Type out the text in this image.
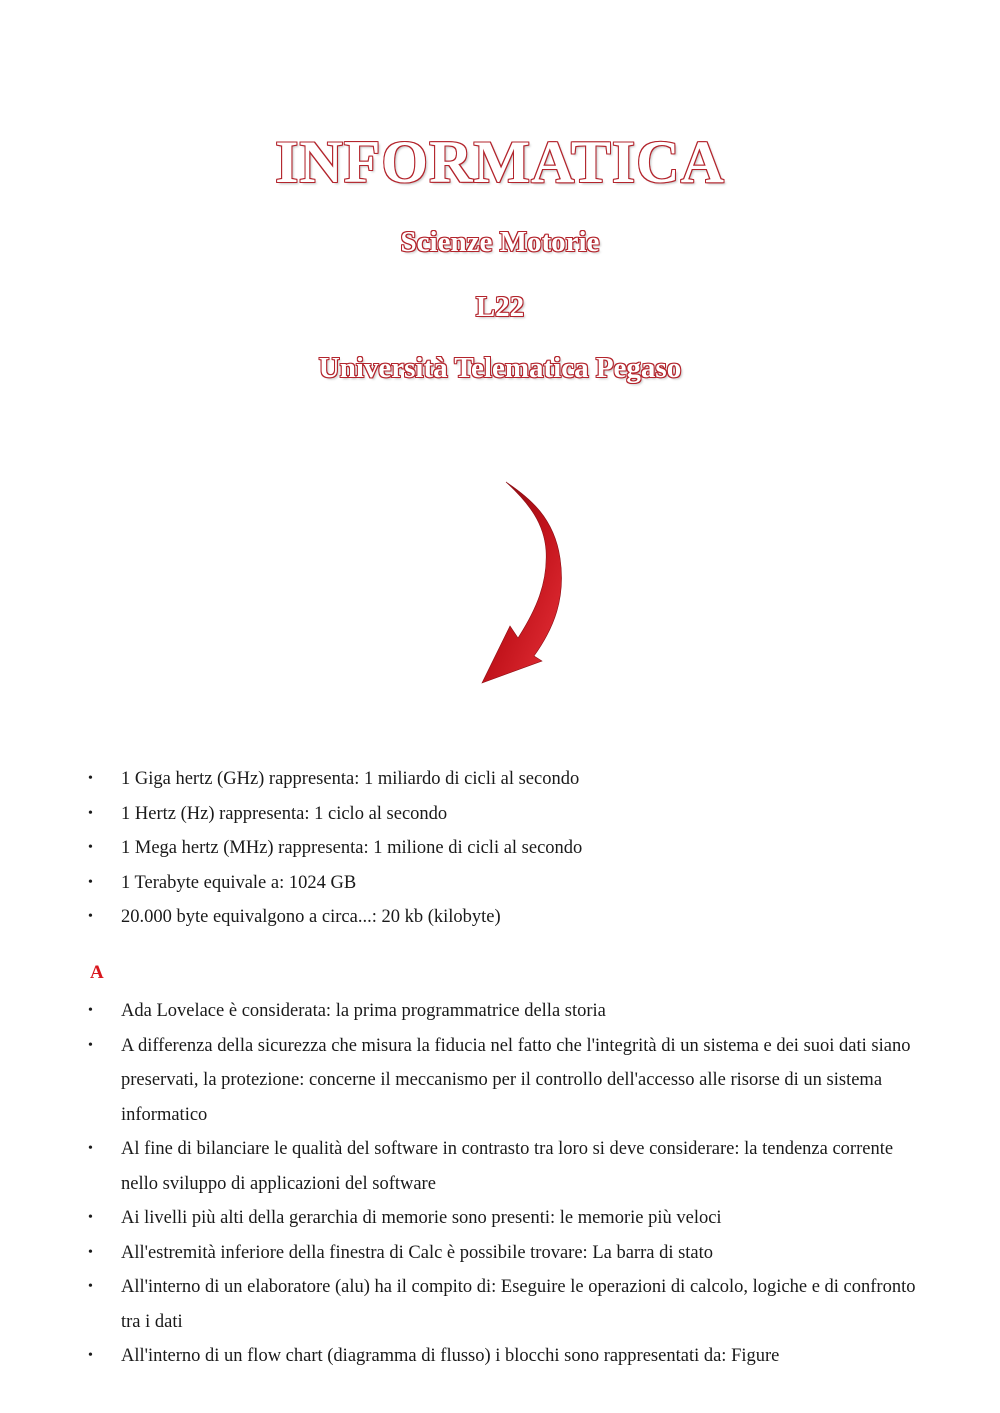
INFORMATICA
Scienze Motorie
L22
Università Telematica Pegaso
• 1 Giga hertz (GHz) rappresenta: 1 miliardo di cicli al secondo
• 1 Hertz (Hz) rappresenta: 1 ciclo al secondo
• 1 Mega hertz (MHz) rappresenta: 1 milione di cicli al secondo
• 1 Terabyte equivale a: 1024 GB
• 20.000 byte equivalgono a circa...: 20 kb (kilobyte)
A
• Ada Lovelace è considerata: la prima programmatrice della storia
• A differenza della sicurezza che misura la fiducia nel fatto che l'integrità di un sistema e dei suoi dati siano preservati, la protezione: concerne il meccanismo per il controllo dell'accesso alle risorse di un sistema informatico
• Al fine di bilanciare le qualità del software in contrasto tra loro si deve considerare: la tendenza corrente nello sviluppo di applicazioni del software
• Ai livelli più alti della gerarchia di memorie sono presenti: le memorie più veloci
• All'estremità inferiore della finestra di Calc è possibile trovare: La barra di stato
• All'interno di un elaboratore (alu) ha il compito di: Eseguire le operazioni di calcolo, logiche e di confronto tra i dati
• All'interno di un flow chart (diagramma di flusso) i blocchi sono rappresentati da: Figure
